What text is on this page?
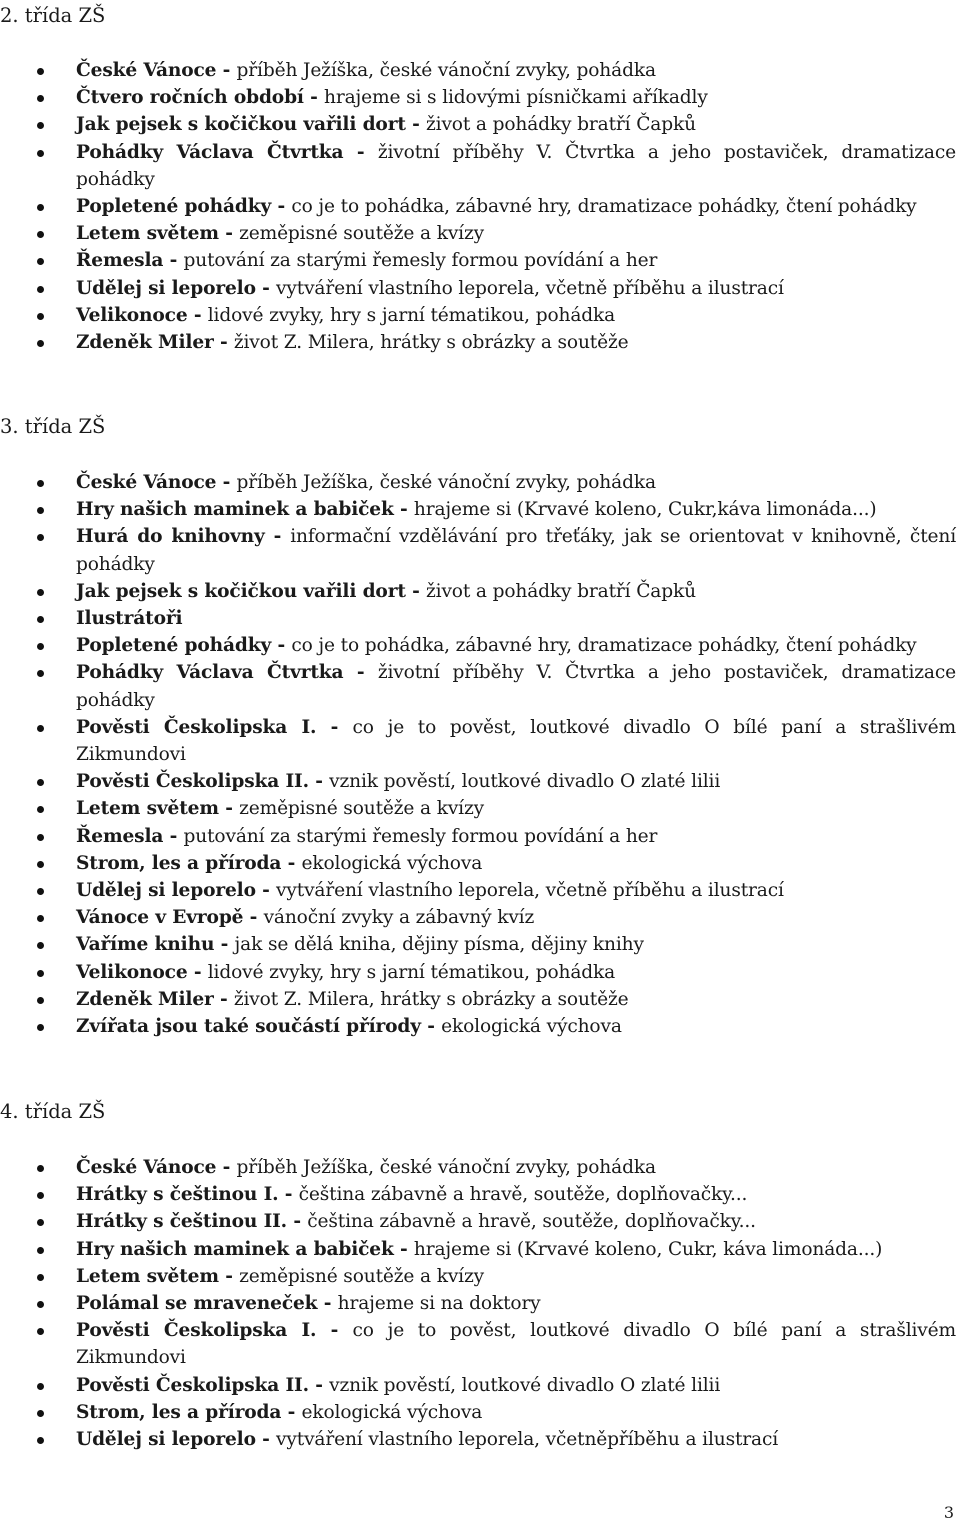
2. třída ZŠ
České Vánoce - příběh Ježíška, české vánoční zvyky, pohádka
Čtvero ročních období - hrajeme si s lidovými písničkami aříkadly
Jak pejsek s kočičkou vařili dort - život a pohádky bratří Čapků
Pohádky Václava Čtvrtka - životní příběhy V. Čtvrtka a jeho postaviček, dramatizace pohádky
Popletené pohádky - co je to pohádka, zábavné hry, dramatizace pohádky, čtení pohádky
Letem světem - zeměpisné soutěže a kvízy
Řemesla - putování za starými řemesly formou povídání a her
Udělej si leporelo - vytváření vlastního leporela, včetně příběhu a ilustrací
Velikonoce - lidové zvyky, hry s jarní tématikou, pohádka
Zdeněk Miler - život Z. Milera, hrátky s obrázky a soutěže
3. třída ZŠ
České Vánoce - příběh Ježíška, české vánoční zvyky, pohádka
Hry našich maminek a babiček - hrajeme si (Krvavé koleno, Cukr,káva limonáda...)
Hurá do knihovny - informační vzdělávání pro třeťáky, jak se orientovat v knihovně, čtení pohádky
Jak pejsek s kočičkou vařili dort - život a pohádky bratří Čapků
Ilustrátoři
Popletené pohádky - co je to pohádka, zábavné hry, dramatizace pohádky, čtení pohádky
Pohádky Václava Čtvrtka - životní příběhy V. Čtvrtka a jeho postaviček, dramatizace pohádky
Pověsti Českolipska I. - co je to pověst, loutkové divadlo O bílé paní a strašlivém Zikmundovi
Pověsti Českolipska II. - vznik pověstí, loutkové divadlo O zlaté lilii
Letem světem - zeměpisné soutěže a kvízy
Řemesla - putování za starými řemesly formou povídání a her
Strom, les a příroda - ekologická výchova
Udělej si leporelo - vytváření vlastního leporela, včetně příběhu a ilustrací
Vánoce v Evropě - vánoční zvyky a zábavný kvíz
Vaříme knihu - jak se dělá kniha, dějiny písma, dějiny knihy
Velikonoce - lidové zvyky, hry s jarní tématikou, pohádka
Zdeněk Miler - život Z. Milera, hrátky s obrázky a soutěže
Zvířata jsou také součástí přírody - ekologická výchova
4. třída ZŠ
České Vánoce - příběh Ježíška, české vánoční zvyky, pohádka
Hrátky s češtinou I. - čeština zábavně a hravě, soutěže, doplňovačky...
Hrátky s češtinou II. - čeština zábavně a hravě, soutěže, doplňovačky...
Hry našich maminek a babiček - hrajeme si (Krvavé koleno, Cukr, káva limonáda...)
Letem světem - zeměpisné soutěže a kvízy
Polámal se mraveneček - hrajeme si na doktory
Pověsti Českolipska I. - co je to pověst, loutkové divadlo O bílé paní a strašlivém Zikmundovi
Pověsti Českolipska II. - vznik pověstí, loutkové divadlo O zlaté lilii
Strom, les a příroda - ekologická výchova
Udělej si leporelo - vytváření vlastního leporela, včetněpříběhu a ilustrací
3
